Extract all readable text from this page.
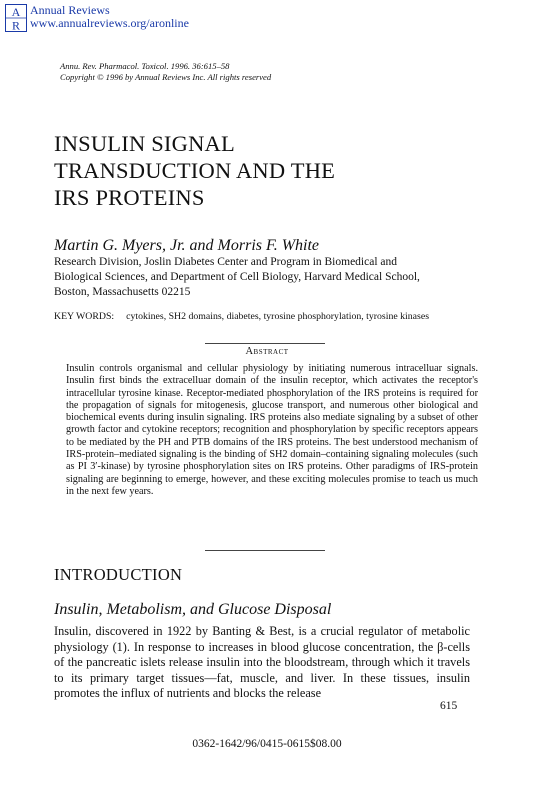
A
R
Annual Reviews
www.annualreviews.org/aronline
Annu. Rev. Pharmacol. Toxicol. 1996. 36:615–58
Copyright © 1996 by Annual Reviews Inc. All rights reserved
INSULIN SIGNAL
TRANSDUCTION AND THE
IRS PROTEINS
Martin G. Myers, Jr. and Morris F. White
Research Division, Joslin Diabetes Center and Program in Biomedical and
Biological Sciences, and Department of Cell Biology, Harvard Medical School,
Boston, Massachusetts 02215
KEY WORDS: cytokines, SH2 domains, diabetes, tyrosine phosphorylation, tyrosine kinases
Abstract
Insulin controls organismal and cellular physiology by initiating numerous intracelluar signals. Insulin first binds the extracelluar domain of the insulin receptor, which activates the receptor's intracellular tyrosine kinase. Receptor-mediated phosphorylation of the IRS proteins is required for the propagation of signals for mitogenesis, glucose transport, and numerous other biological and biochemical events during insulin signaling. IRS proteins also mediate signaling by a subset of other growth factor and cytokine receptors; recognition and phosphorylation by specific receptors appears to be mediated by the PH and PTB domains of the IRS proteins. The best understood mechanism of IRS-protein–mediated signaling is the binding of SH2 domain–containing signaling molecules (such as PI 3′-kinase) by tyrosine phosphorylation sites on IRS proteins. Other paradigms of IRS-protein signaling are beginning to emerge, however, and these exciting molecules promise to teach us much in the next few years.
INTRODUCTION
Insulin, Metabolism, and Glucose Disposal
Insulin, discovered in 1922 by Banting & Best, is a crucial regulator of metabolic physiology (1). In response to increases in blood glucose concentration, the β-cells of the pancreatic islets release insulin into the bloodstream, through which it travels to its primary target tissues—fat, muscle, and liver. In these tissues, insulin promotes the influx of nutrients and blocks the release
615
0362-1642/96/0415-0615$08.00
